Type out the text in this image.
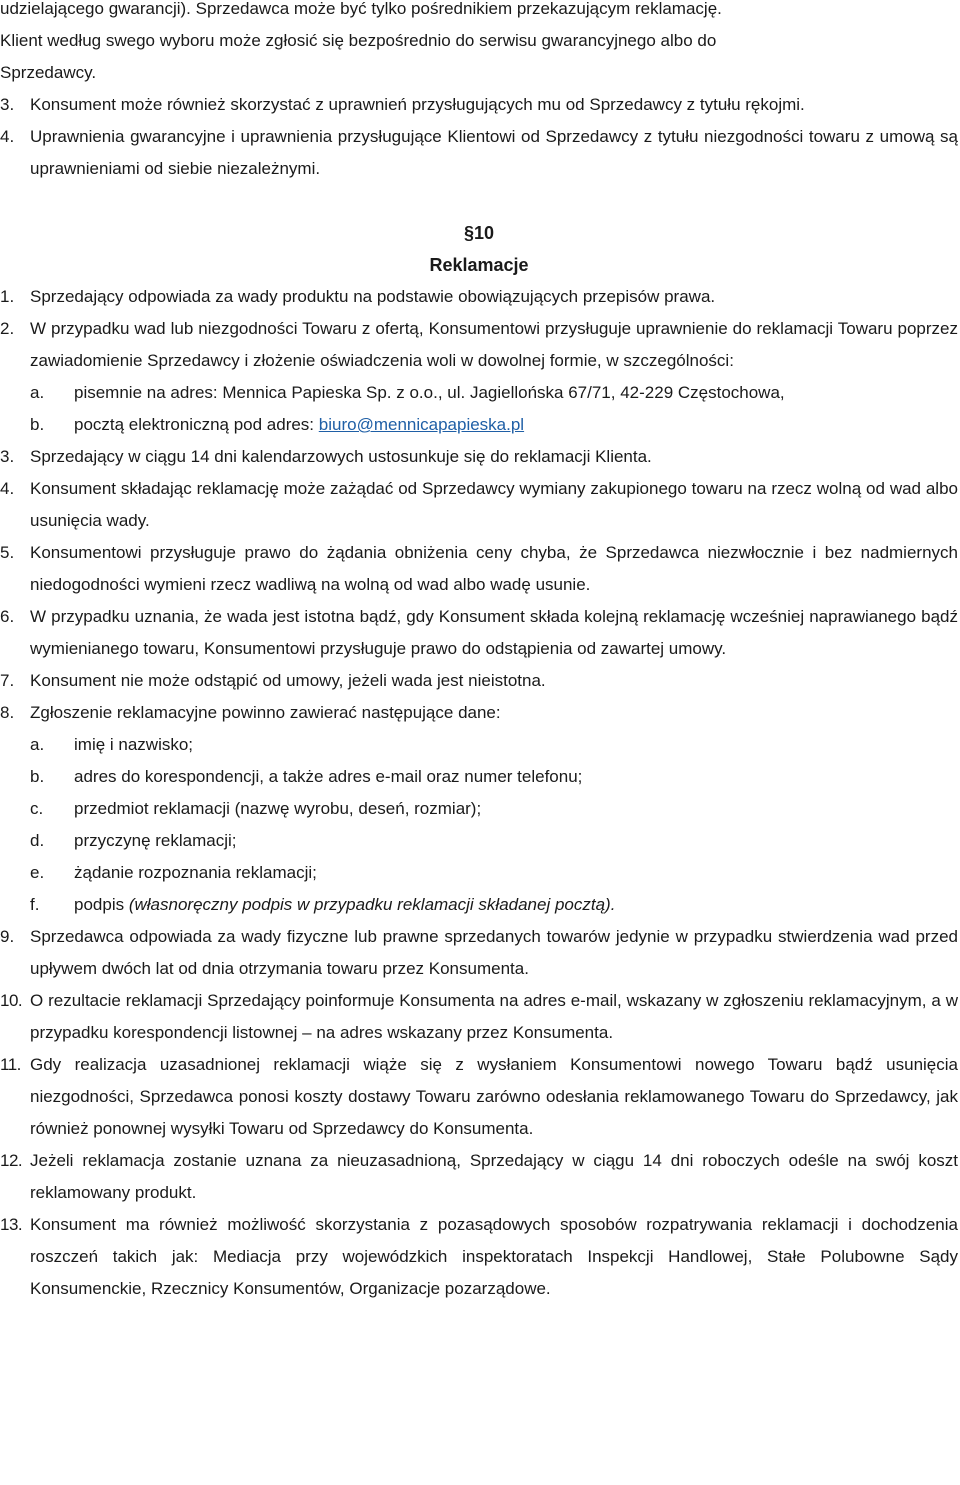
udzielającego gwarancji). Sprzedawca może być tylko pośrednikiem przekazującym reklamację.

Klient według swego wyboru może zgłosić się bezpośrednio do serwisu gwarancyjnego albo do

Sprzedawcy.

3. Konsument może również skorzystać z uprawnień przysługujących mu od Sprzedawcy z tytułu rękojmi.
4. Uprawnienia gwarancyjne i uprawnienia przysługujące Klientowi od Sprzedawcy z tytułu niezgodności towaru z umową są uprawnieniami od siebie niezależnymi.
§10
Reklamacje
1. Sprzedający odpowiada za wady produktu na podstawie obowiązujących przepisów prawa.
2. W przypadku wad lub niezgodności Towaru z ofertą, Konsumentowi przysługuje uprawnienie do reklamacji Towaru poprzez zawiadomienie Sprzedawcy i złożenie oświadczenia woli w dowolnej formie, w szczególności:
a.	pisemnie na adres: Mennica Papieska Sp. z o.o., ul. Jagiellońska 67/71, 42-229 Częstochowa,
b.	pocztą elektroniczną pod adres: biuro@mennicapapieska.pl
3. Sprzedający w ciągu 14 dni kalendarzowych ustosunkuje się do reklamacji Klienta.
4. Konsument składając reklamację może zażądać od Sprzedawcy wymiany zakupionego towaru na rzecz wolną od wad albo usunięcia wady.
5. Konsumentowi przysługuje prawo do żądania obniżenia ceny chyba, że Sprzedawca niezwłocznie i bez nadmiernych niedogodności wymieni rzecz wadliwą na wolną od wad albo wadę usunie.
6. W przypadku uznania, że wada jest istotna bądź, gdy Konsument składa kolejną reklamację wcześniej naprawianego bądź wymienianego towaru, Konsumentowi przysługuje prawo do odstąpienia od zawartej umowy.
7. Konsument nie może odstąpić od umowy, jeżeli wada jest nieistotna.
8. Zgłoszenie reklamacyjne powinno zawierać następujące dane:
a.	imię i nazwisko;
b.	adres do korespondencji, a także adres e-mail oraz numer telefonu;
c.	przedmiot reklamacji (nazwę wyrobu, deseń, rozmiar);
d.	przyczynę reklamacji;
e.	żądanie rozpoznania reklamacji;
f.	podpis (własnoręczny podpis w przypadku reklamacji składanej pocztą).
9. Sprzedawca odpowiada za wady fizyczne lub prawne sprzedanych towarów jedynie w przypadku stwierdzenia wad przed upływem dwóch lat od dnia otrzymania towaru przez Konsumenta.
10. O rezultacie reklamacji Sprzedający poinformuje Konsumenta na adres e-mail, wskazany w zgłoszeniu reklamacyjnym, a w przypadku korespondencji listownej – na adres wskazany przez Konsumenta.
11. Gdy realizacja uzasadnionej reklamacji wiąże się z wysłaniem Konsumentowi nowego Towaru bądź usunięcia niezgodności, Sprzedawca ponosi koszty dostawy Towaru zarówno odesłania reklamowanego Towaru do Sprzedawcy, jak również ponownej wysyłki Towaru od Sprzedawcy do Konsumenta.
12. Jeżeli reklamacja zostanie uznana za nieuzasadnioną, Sprzedający w ciągu 14 dni roboczych odeśle na swój koszt reklamowany produkt.
13. Konsument ma również możliwość skorzystania z pozasądowych sposobów rozpatrywania reklamacji i dochodzenia roszczeń takich jak: Mediacja przy wojewódzkich inspektoratach Inspekcji Handlowej, Stałe Polubowne Sądy Konsumenckie, Rzecznicy Konsumentów, Organizacje pozarządowe.
